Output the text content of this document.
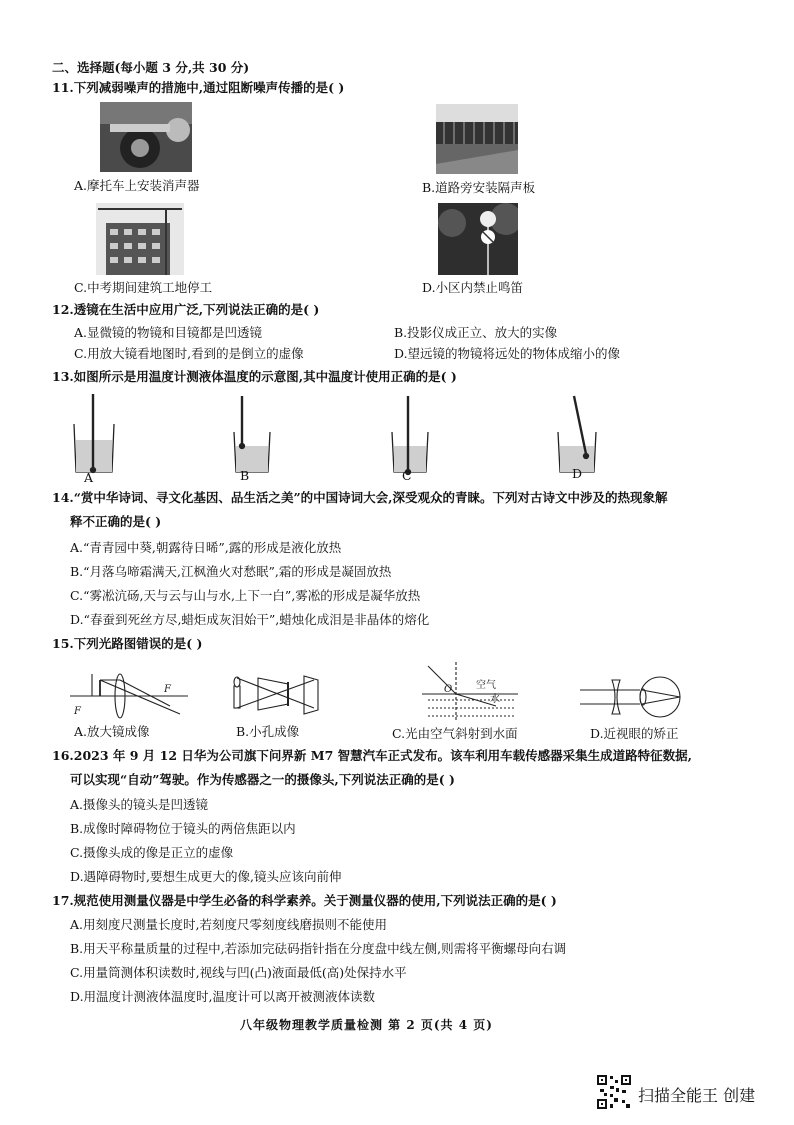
二、选择题(每小题 3 分,共 30 分)
11.下列减弱噪声的措施中,通过阻断噪声传播的是( )
A.摩托车上安装消声器	B.道路旁安装隔声板
C.中考期间建筑工地停工	D.小区内禁止鸣笛
12.透镜在生活中应用广泛,下列说法正确的是( )
A.显微镜的物镜和目镜都是凹透镜	B.投影仪成正立、放大的实像
C.用放大镜看地图时,看到的是倒立的虚像	D.望远镜的物镜将远处的物体成缩小的像
13.如图所示是用温度计测液体温度的示意图,其中温度计使用正确的是( )
A	B	C	D
14.“赏中华诗词、寻文化基因、品生活之美”的中国诗词大会,深受观众的青睐。下列对古诗文中涉及的热现象解
释不正确的是( )
A.“青青园中葵,朝露待日晞”,露的形成是液化放热
B.“月落乌啼霜满天,江枫渔火对愁眠”,霜的形成是凝固放热
C.“雾凇沆砀,天与云与山与水,上下一白”,雾凇的形成是凝华放热
D.“春蚕到死丝方尽,蜡炬成灰泪始干”,蜡烛化成泪是非晶体的熔化
15.下列光路图错误的是( )
F
F	O 空气
水
A.放大镜成像	B.小孔成像	C.光由空气斜射到水面	D.近视眼的矫正
16.2023 年 9 月 12 日华为公司旗下问界新 M7 智慧汽车正式发布。该车利用车载传感器采集生成道路特征数据,
可以实现“自动”驾驶。作为传感器之一的摄像头,下列说法正确的是( )
A.摄像头的镜头是凹透镜
B.成像时障碍物位于镜头的两倍焦距以内
C.摄像头成的像是正立的虚像
D.遇障碍物时,要想生成更大的像,镜头应该向前伸
17.规范使用测量仪器是中学生必备的科学素养。关于测量仪器的使用,下列说法正确的是( )
A.用刻度尺测量长度时,若刻度尺零刻度线磨损则不能使用
B.用天平称量质量的过程中,若添加完砝码指针指在分度盘中线左侧,则需将平衡螺母向右调
C.用量筒测体积读数时,视线与凹(凸)液面最低(高)处保持水平
D.用温度计测液体温度时,温度计可以离开被测液体读数
八年级物理教学质量检测 第 2 页(共 4 页)
扫描全能王 创建
